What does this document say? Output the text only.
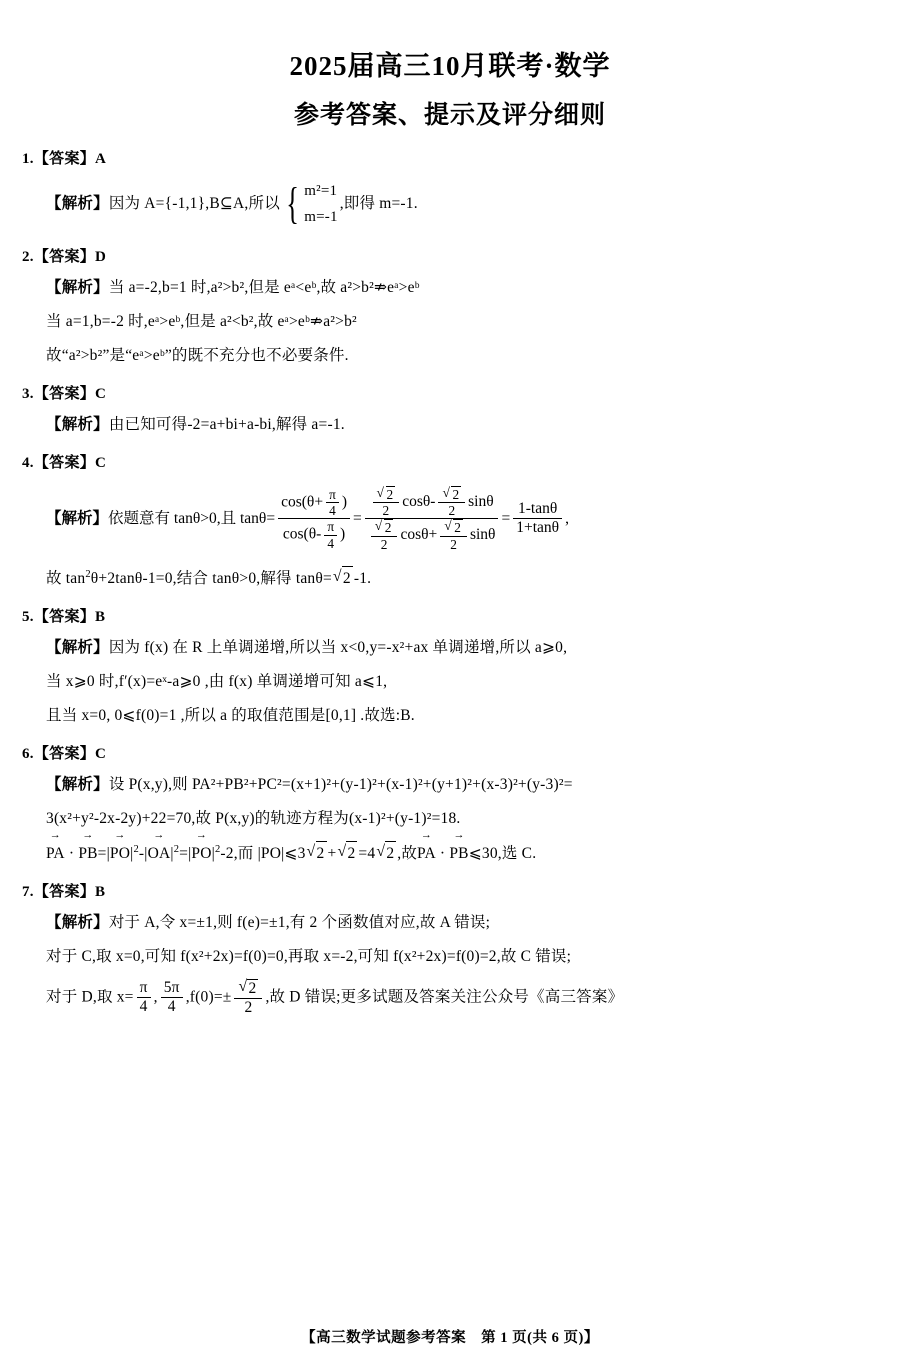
2025届高三10月联考·数学
参考答案、提示及评分细则
1.【答案】A
【解析】因为 A={-1,1},B⊆A,所以 { m²=1
m=-1
,即得 m=-1.
2.【答案】D
【解析】当 a=-2,b=1 时,a²>b²,但是 eᵃ<eᵇ,故 a²>b²⇏eᵃ>eᵇ
当 a=1,b=-2 时,eᵃ>eᵇ,但是 a²<b²,故 eᵃ>eᵇ⇏a²>b²
故“a²>b²”是“eᵃ>eᵇ”的既不充分也不必要条件.
3.【答案】C
【解析】由已知可得-2=a+bi+a-bi,解得 a=-1.
4.【答案】C
【解析】 依题意有 tanθ>0,且 $\tan\theta= \frac{\cos(\theta+ \frac{\pi}{4} )}{\cos(\theta- \frac{\pi}{4} )}$ = √ $\frac{2}{2} \cos\theta-$ √ $\frac{2}{2}$ sinθ
√ $\frac{2}{2} \cos\theta+$ √ $\frac{2}{2}$ $\sin\theta = \frac{1-\tan\theta}{1+\tan\theta}$ ,
故 $\tan^2\theta+2\tan\theta-1=0$,结合 tanθ>0,解得 tanθ= √ 2 -1.
5.【答案】B
【解析】因为 f(x) 在 R 上单调递增,所以当 x<0,y=-x²+ax 单调递增,所以 a⩾0,
当 x⩾0 时,f′(x)=eˣ-a⩾0 ,由 f(x) 单调递增可知 a⩽1,
且当 x=0, 0⩽f(0)=1 ,所以 a 的取值范围是[0,1] .故选:B.
6.【答案】C
【解析】设 P(x,y),则 PA²+PB²+PC²=(x+1)²+(y-1)²+(x-1)²+(y+1)²+(x-3)²+(y-3)²=
3(x²+y²-2x-2y)+22=70,故 P(x,y)的轨迹方程为(x-1)²+(y-1)²=18.
→ PA · → $PB=|\to PO|^2-|\to OA|^2=|\to PO|^2-2$,而 |PO|⩽3 √ 2 + √ 2 =4 √ 2 ,故→ PA · → PB⩽30,选 C.
7.【答案】B
【解析】对于 A,令 x=±1,则 f(e)=±1,有 2 个函数值对应,故 A 错误;
对于 C,取 x=0,可知 f(x²+2x)=f(0)=0,再取 x=-2,可知 f(x²+2x)=f(0)=2,故 C 错误;
对于 D,取 $x= \frac{\pi}{4}$ , $\frac{5\pi}{4} ,f(0)=\pm$ √ $\frac{2}{2}$ ,故 D 错误;更多试题及答案关注公众号《高三答案》
【高三数学试题参考答案　第 1 页(共 6 页)】
